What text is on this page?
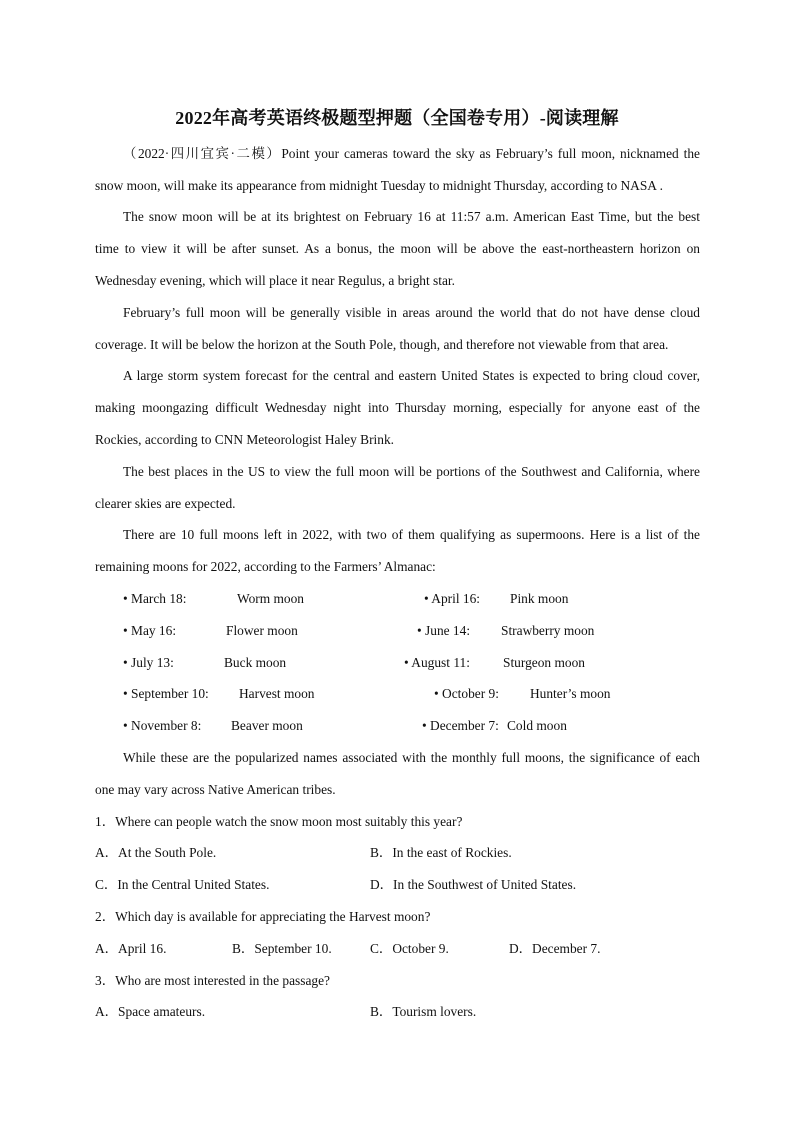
2022年高考英语终极题型押题（全国卷专用）-阅读理解
（2022·四川宜宾·二模）Point your cameras toward the sky as February’s full moon, nicknamed the
snow moon, will make its appearance from midnight Tuesday to midnight Thursday, according to NASA .
The snow moon will be at its brightest on February 16 at 11:57 a.m. American East Time, but the best
time to view it will be after sunset. As a bonus, the moon will be above the east-northeastern horizon on
Wednesday evening, which will place it near Regulus, a bright star.
February’s full moon will be generally visible in areas around the world that do not have dense cloud
coverage. It will be below the horizon at the South Pole, though, and therefore not viewable from that area.
A large storm system forecast for the central and eastern United States is expected to bring cloud cover,
making moongazing difficult Wednesday night into Thursday morning, especially for anyone east of the
Rockies, according to CNN Meteorologist Haley Brink.
The best places in the US to view the full moon will be portions of the Southwest and California, where
clearer skies are expected.
There are 10 full moons left in 2022, with two of them qualifying as supermoons. Here is a list of the
remaining moons for 2022, according to the Farmers’ Almanac:
• March 18:	Worm moon	• April 16: Pink moon
• May 16:	Flower moon	• June 14: Strawberry moon
• July 13:	Buck moon	• August 11: Sturgeon moon
• September 10: Harvest moon	• October 9: Hunter’s moon
• November 8: Beaver moon	• December 7: Cold moon
While these are the popularized names associated with the monthly full moons, the significance of each
one may vary across Native American tribes.
1．Where can people watch the snow moon most suitably this year?
A．At the South Pole.	B．In the east of Rockies.
C．In the Central United States.	D．In the Southwest of United States.
2．Which day is available for appreciating the Harvest moon?
A．April 16.	B．September 10.	C．October 9.	D．December 7.
3．Who are most interested in the passage?
A．Space amateurs.	B．Tourism lovers.
